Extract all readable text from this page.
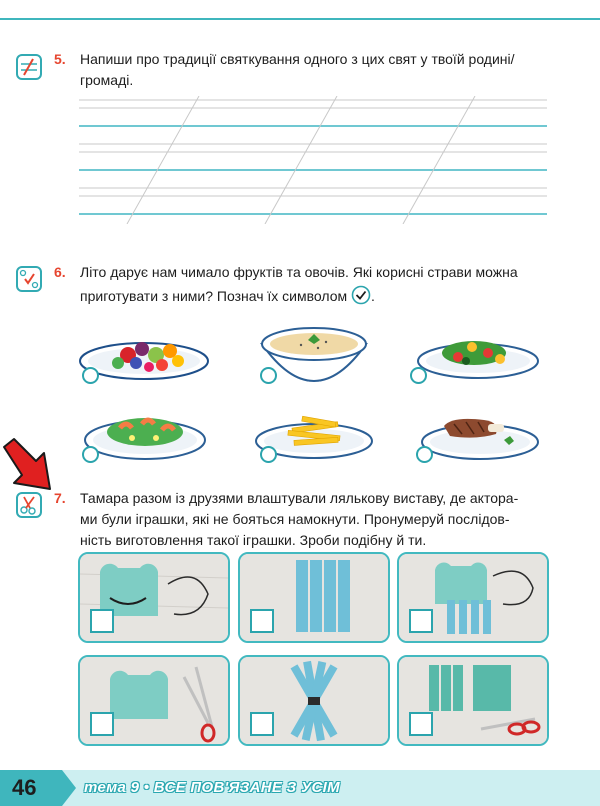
5. Напиши про традиції святкування одного з цих свят у твоїй родині/
громаді.
6. Літо дарує нам чимало фруктів та овочів. Які корисні страви можна
приготувати з ними? Познач їх символом .
7. Тамара разом із друзями влаштували лялькову виставу, де актора-
ми були іграшки, які не бояться намокнути. Пронумеруй послідов-
ність виготовлення такої іграшки. Зроби подібну й ти.
46	тема 9 • ВСЕ ПОВ'ЯЗАНЕ З УСІМ
